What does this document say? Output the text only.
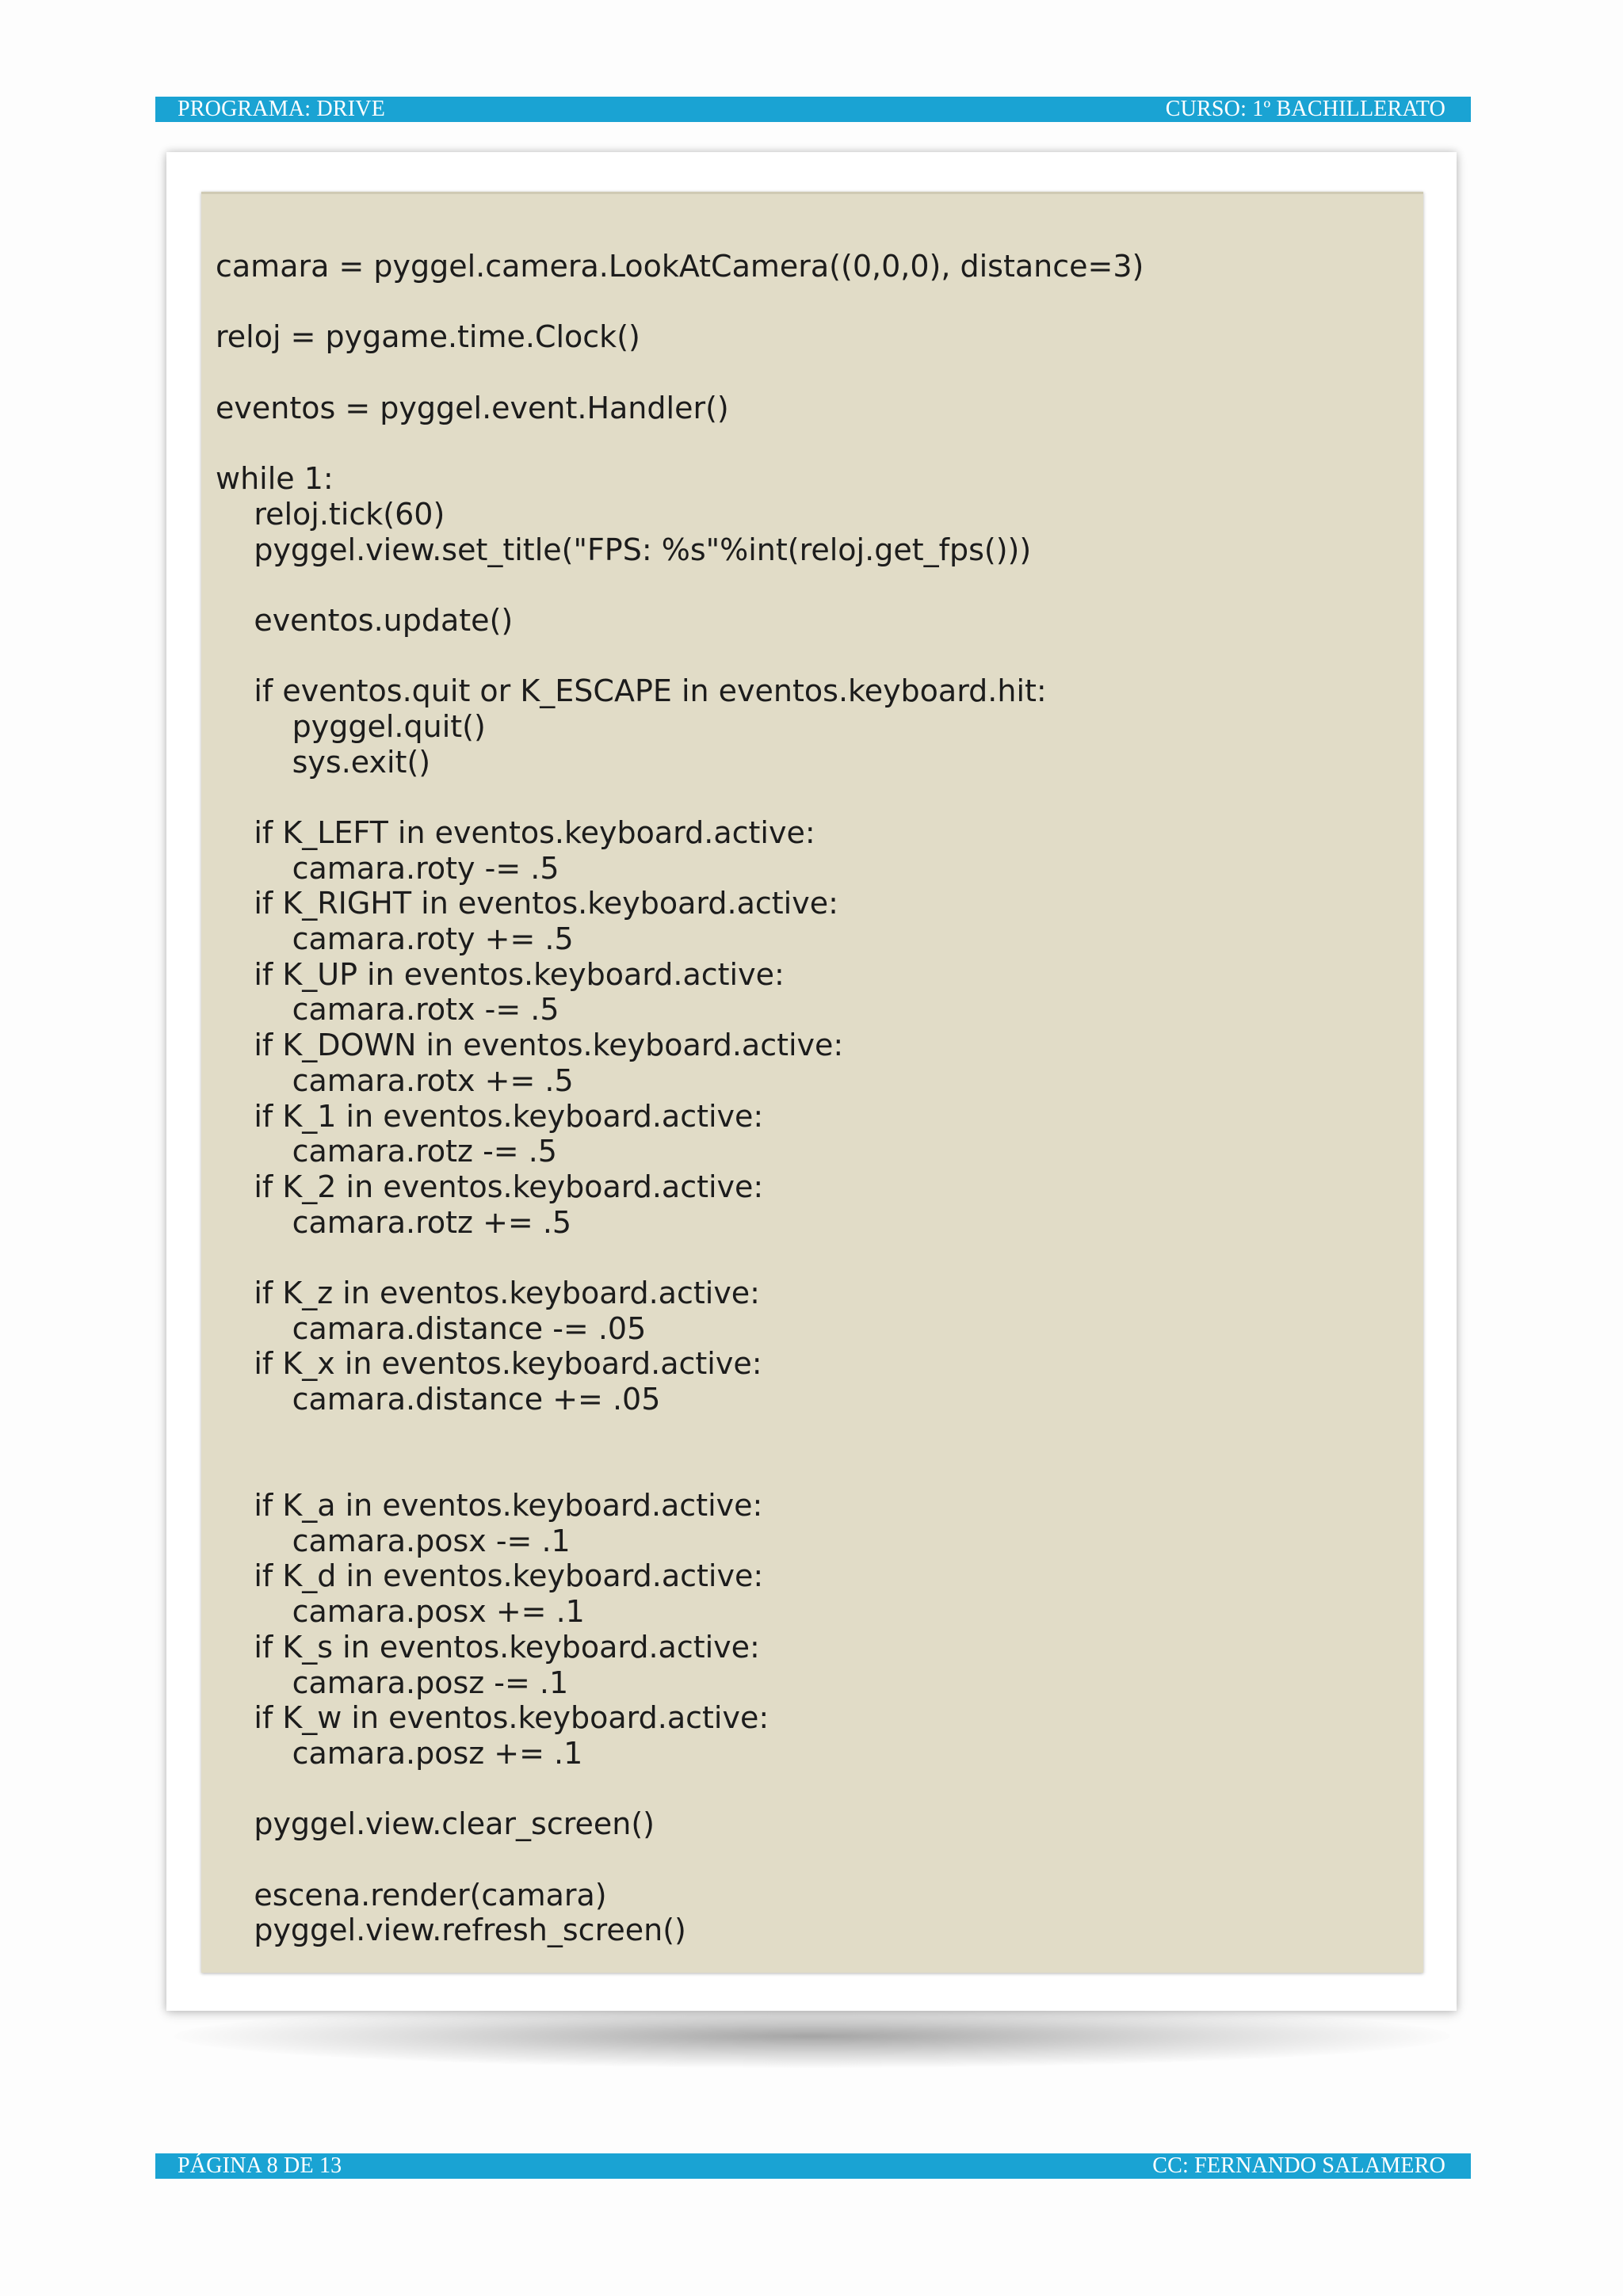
PROGRAMA: DRIVE	CURSO: 1º BACHILLERATO
camara = pyggel.camera.LookAtCamera((0,0,0), distance=3)
reloj = pygame.time.Clock()
eventos = pyggel.event.Handler()
while 1:
reloj.tick(60)
pyggel.view.set_title("FPS: %s"%int(reloj.get_fps()))
eventos.update()
if eventos.quit or K_ESCAPE in eventos.keyboard.hit:
pyggel.quit()
sys.exit()
if K_LEFT in eventos.keyboard.active:
camara.roty -= .5
if K_RIGHT in eventos.keyboard.active:
camara.roty += .5
if K_UP in eventos.keyboard.active:
camara.rotx -= .5
if K_DOWN in eventos.keyboard.active:
camara.rotx += .5
if K_1 in eventos.keyboard.active:
camara.rotz -= .5
if K_2 in eventos.keyboard.active:
camara.rotz += .5
if K_z in eventos.keyboard.active:
camara.distance -= .05
if K_x in eventos.keyboard.active:
camara.distance += .05
if K_a in eventos.keyboard.active:
camara.posx -= .1
if K_d in eventos.keyboard.active:
camara.posx += .1
if K_s in eventos.keyboard.active:
camara.posz -= .1
if K_w in eventos.keyboard.active:
camara.posz += .1
pyggel.view.clear_screen()
escena.render(camara)
pyggel.view.refresh_screen()
PÁGINA 8 DE 13	CC: FERNANDO SALAMERO
